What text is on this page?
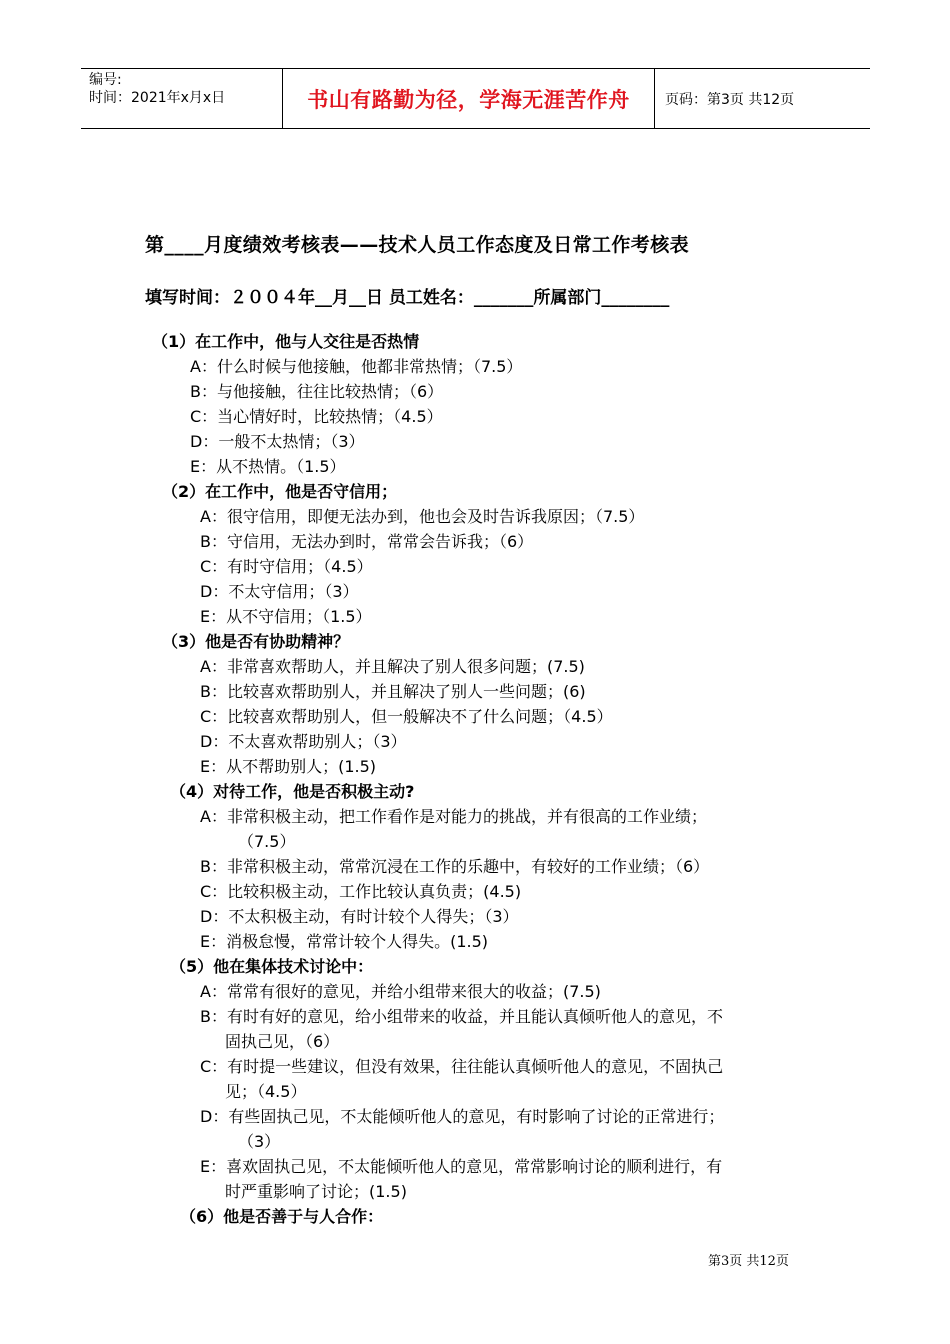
编号:
时间：2021年x月x日	书山有路勤为径，学海无涯苦作舟	页码：第3页 共12页
第____月度绩效考核表——技术人员工作态度及日常工作考核表
填写时间：２００４年__月__日 员工姓名：_______所属部门________
（1）在工作中，他与人交往是否热情
A：什么时候与他接触，他都非常热情；（7.5）
B：与他接触，往往比较热情；（6）
C：当心情好时，比较热情；（4.5）
D：一般不太热情；（3）
E：从不热情。（1.5）
（2）在工作中，他是否守信用；
A：很守信用，即便无法办到，他也会及时告诉我原因；（7.5）
B：守信用，无法办到时，常常会告诉我；（6）
C：有时守信用；（4.5）
D：不太守信用；（3）
E：从不守信用；（1.5）
（3）他是否有协助精神？
A：非常喜欢帮助人，并且解决了别人很多问题；(7.5)
B：比较喜欢帮助别人，并且解决了别人一些问题；(6)
C：比较喜欢帮助别人，但一般解决不了什么问题；（4.5）
D：不太喜欢帮助别人；（3）
E：从不帮助别人；(1.5)
（4）对待工作，他是否积极主动?
A：非常积极主动，把工作看作是对能力的挑战，并有很高的工作业绩；
（7.5）
B：非常积极主动，常常沉浸在工作的乐趣中，有较好的工作业绩；（6）
C：比较积极主动，工作比较认真负责；(4.5)
D：不太积极主动，有时计较个人得失；（3）
E：消极怠慢，常常计较个人得失。(1.5)
（5）他在集体技术讨论中：
A：常常有很好的意见，并给小组带来很大的收益；(7.5)
B：有时有好的意见，给小组带来的收益，并且能认真倾听他人的意见，不
固执己见，（6）
C：有时提一些建议，但没有效果，往往能认真倾听他人的意见，不固执己
见；（4.5）
D：有些固执己见，不太能倾听他人的意见，有时影响了讨论的正常进行；
（3）
E：喜欢固执己见，不太能倾听他人的意见，常常影响讨论的顺利进行，有
时严重影响了讨论；(1.5)
（6）他是否善于与人合作：
第3页 共12页
